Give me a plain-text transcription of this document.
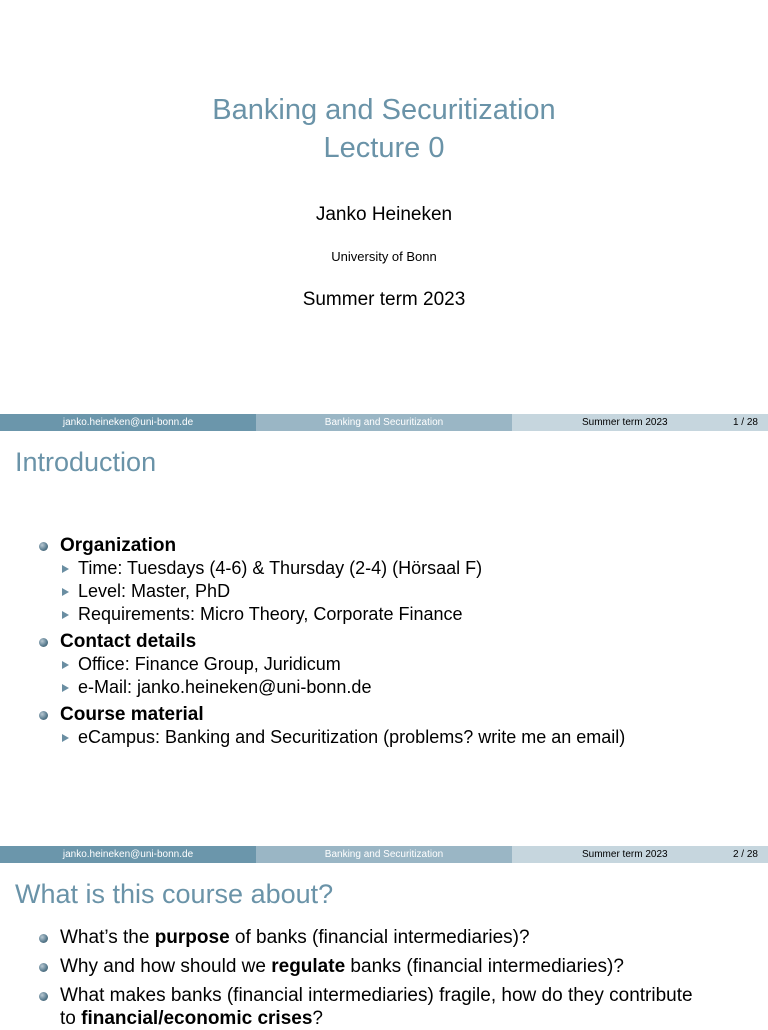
Banking and Securitization
Lecture 0
Janko Heineken
University of Bonn
Summer term 2023
janko.heineken@uni-bonn.de	Banking and Securitization	Summer term 2023	1 / 28
Introduction
Organization
Time: Tuesdays (4-6) & Thursday (2-4) (Hörsaal F)
Level: Master, PhD
Requirements: Micro Theory, Corporate Finance
Contact details
Office: Finance Group, Juridicum
e-Mail: janko.heineken@uni-bonn.de
Course material
eCampus: Banking and Securitization (problems? write me an email)
janko.heineken@uni-bonn.de	Banking and Securitization	Summer term 2023	2 / 28
What is this course about?
What’s the purpose of banks (financial intermediaries)?
Why and how should we regulate banks (financial intermediaries)?
What makes banks (financial intermediaries) fragile, how do they contribute
to financial/economic crises?
